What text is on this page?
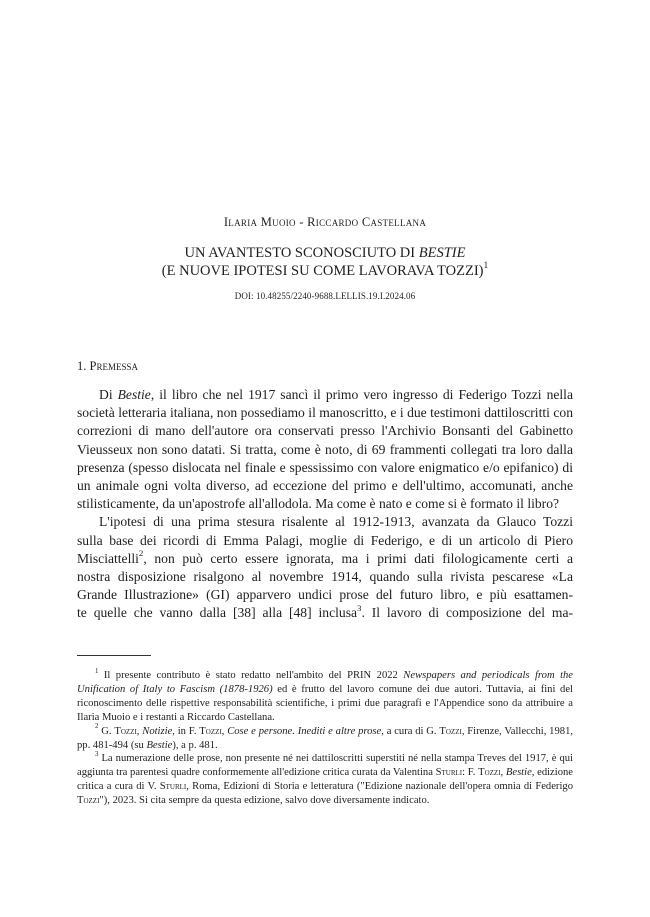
Ilaria Muoio - Riccardo Castellana
UN AVANTESTO SCONOSCIUTO DI BESTIE
(E NUOVE IPOTESI SU COME LAVORAVA TOZZI)$^1$
DOI: 10.48255/2240-9688.LELLIS.19.I.2024.06
1. Premessa

Di Bestie, il libro che nel 1917 sancì il primo vero ingresso di Federigo Tozzi nella società letteraria italiana, non possediamo il manoscritto, e i due testimoni dattiloscritti con correzioni di mano dell'autore ora conservati presso l'Archivio Bonsanti del Gabinetto Vieusseux non sono datati. Si tratta, come è noto, di 69 frammenti collegati tra loro dalla presenza (spesso dislocata nel finale e spessissimo con valore enigmatico e/o epifanico) di un animale ogni volta diverso, ad eccezione del primo e dell'ultimo, accomunati, anche stilisticamente, da un'apostrofe all'allodola. Ma come è nato e come si è formato il libro?

L'ipotesi di una prima stesura risalente al 1912-1913, avanzata da Glauco Tozzi
sulla base dei ricordi di Emma Palagi, moglie di Federigo, e di un articolo di Piero
Misciattelli$^2$, non può certo essere ignorata, ma i primi dati filologicamente certi a
nostra disposizione risalgono al novembre 1914, quando sulla rivista pescarese «La
Grande Illustrazione» (GI) apparvero undici prose del futuro libro, e più esattamen-
te quelle che vanno dalla [38] alla [48] inclusa$^3$. Il lavoro di composizione del ma-

$^1$ Il presente contributo è stato redatto nell'ambito del PRIN 2022 Newspapers and periodicals from the Unification of Italy to Fascism (1878-1926) ed è frutto del lavoro comune dei due autori. Tuttavia, ai fini del riconoscimento delle rispettive responsabilità scientifiche, i primi due paragrafi e l'Appendice sono da attribuire a Ilaria Muoio e i restanti a Riccardo Castellana.

$^2$ G. Tozzi, Notizie, in F. Tozzi, Cose e persone. Inediti e altre prose, a cura di G. Tozzi, Firenze, Vallecchi, 1981, pp. 481-494 (su Bestie), a p. 481.

$^3$ La numerazione delle prose, non presente né nei dattiloscritti superstiti né nella stampa Treves del 1917, è qui aggiunta tra parentesi quadre conformemente all'edizione critica curata da Valentina Sturli: F. Tozzi, Bestie, edizione critica a cura di V. Sturli, Roma, Edizioni di Storia e letteratura ("Edizione nazionale dell'opera omnia di Federigo Tozzi"), 2023. Si cita sempre da questa edizione, salvo dove diversamente indicato.
